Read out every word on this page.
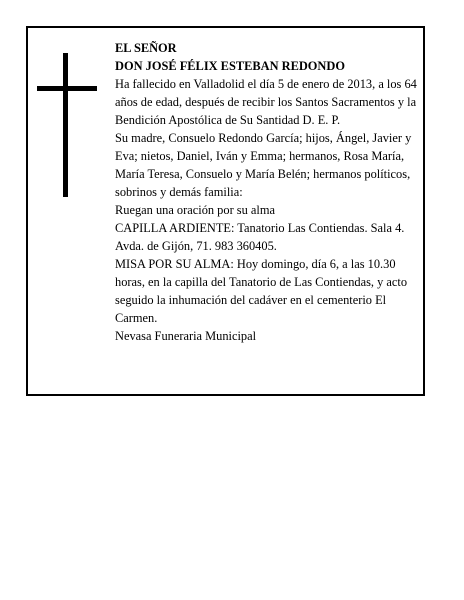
EL SEÑOR

DON JOSÉ FÉLIX ESTEBAN REDONDO

Ha fallecido en Valladolid el día 5 de enero de 2013, a los 64 años de edad, después de recibir los Santos Sacramentos y la Bendición Apostólica de Su Santidad D. E. P.

Su madre, Consuelo Redondo García; hijos, Ángel, Javier y Eva; nietos, Daniel, Iván y Emma; hermanos, Rosa María, María Teresa, Consuelo y María Belén; hermanos políticos, sobrinos y demás familia:

Ruegan una oración por su alma

CAPILLA ARDIENTE: Tanatorio Las Contiendas. Sala 4. Avda. de Gijón, 71. 983 360405.

MISA POR SU ALMA: Hoy domingo, día 6, a las 10.30 horas, en la capilla del Tanatorio de Las Contiendas, y acto seguido la inhumación del cadáver en el cementerio El Carmen.

Nevasa Funeraria Municipal
